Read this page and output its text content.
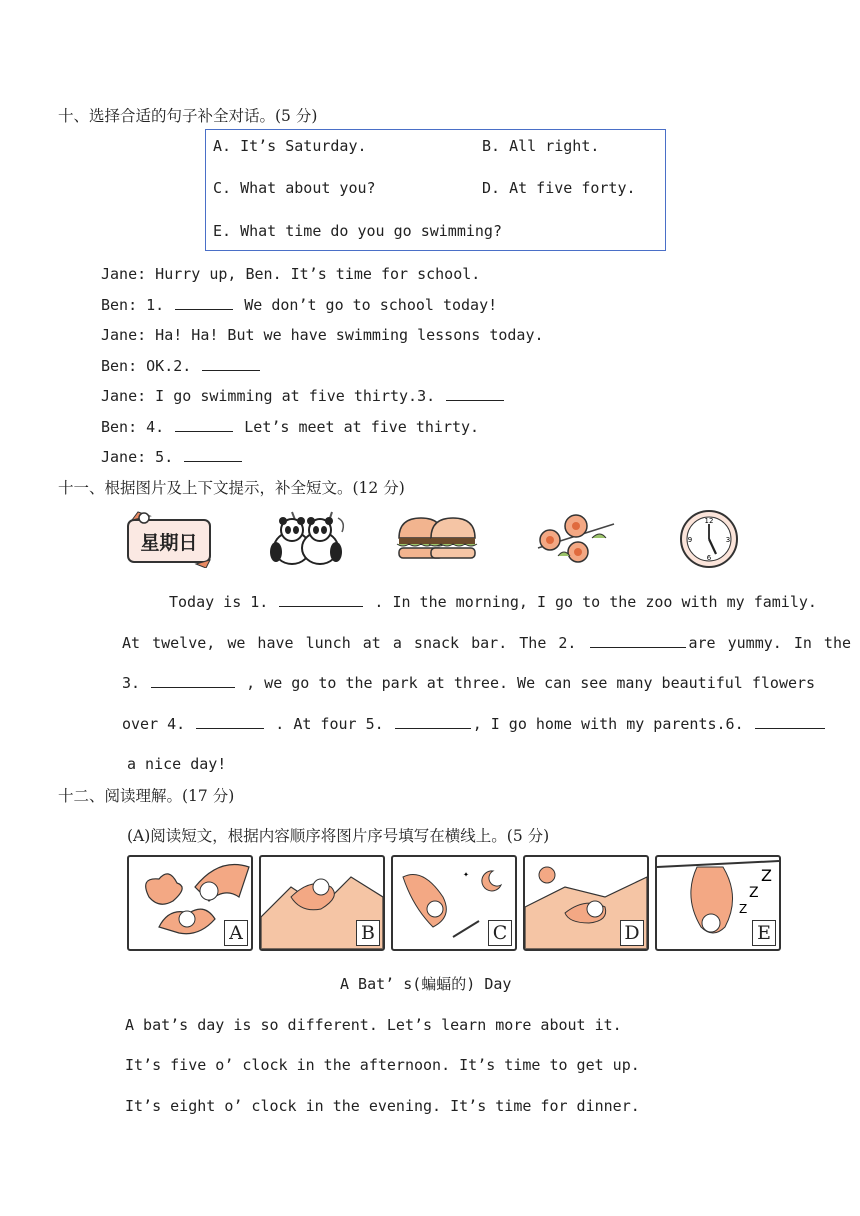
十、选择合适的句子补全对话。(5 分)
A. It’s Saturday.	B. All right.
C. What about you?	D. At five forty.
E. What time do you go swimming?
Jane: Hurry up, Ben. It’s time for school.
Ben: 1.	We don’t go to school today!
Jane: Ha! Ha! But we have swimming lessons today.
Ben: OK.2.
Jane: I go swimming at five thirty.3.
Ben: 4.	Let’s meet at five thirty.
Jane: 5.
十一、根据图片及上下文提示，补全短文。(12 分)
星期日
12
3
6
9
Today is 1.	. In the morning, I go to the zoo with my family.
At twelve, we have lunch at a snack bar. The 2.	are yummy. In the
3.	, we go to the park at three. We can see many beautiful flowers
over 4.	. At four 5.	, I go home with my parents.6.
a nice day!
十二、阅读理解。(17 分)
(A)阅读短文，根据内容顺序将图片序号填写在横线上。(5 分)
A	B
✦
C	D
Z
Z
Z
E
A Bat’ s(蝙蝠的) Day
A bat’s day is so different. Let’s learn more about it.
It’s five o’ clock in the afternoon. It’s time to get up.
It’s eight o’ clock in the evening. It’s time for dinner.
